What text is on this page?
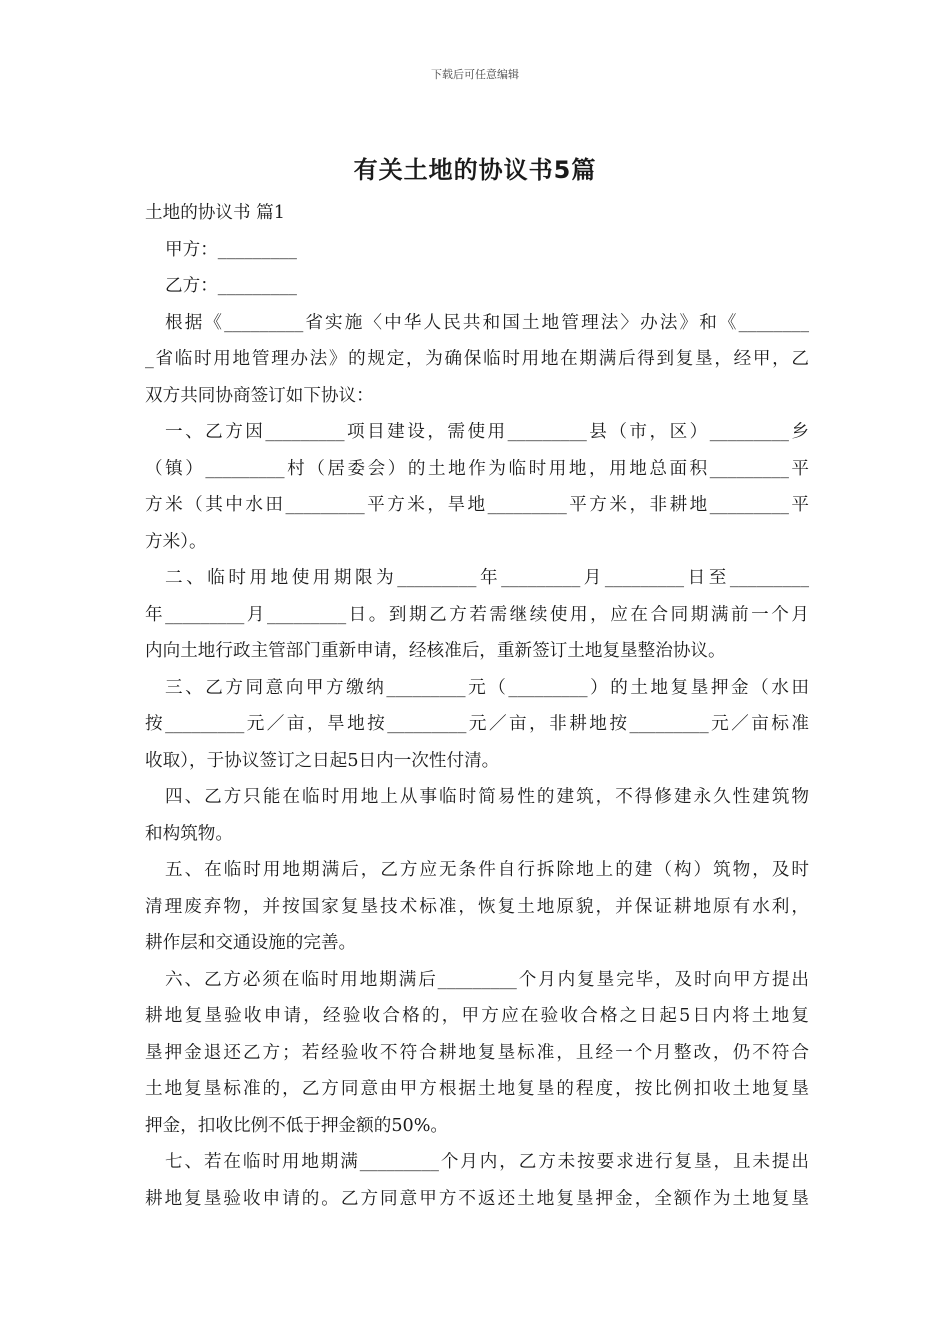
下载后可任意编辑
有关土地的协议书5篇
土地的协议书 篇1
甲方：_________
乙方：_________
根据《_________省实施〈中华人民共和国土地管理法〉办法》和《________
_省临时用地管理办法》的规定，为确保临时用地在期满后得到复垦，经甲，乙
双方共同协商签订如下协议：
一、乙方因_________项目建设，需使用_________县（市，区）_________乡
（镇）_________村（居委会）的土地作为临时用地，用地总面积_________平
方米（其中水田_________平方米，旱地_________平方米，非耕地_________平
方米）。
二、临时用地使用期限为_________年_________月_________日至_________
年_________月_________日。到期乙方若需继续使用，应在合同期满前一个月
内向土地行政主管部门重新申请，经核准后，重新签订土地复垦整治协议。
三、乙方同意向甲方缴纳_________元（_________）的土地复垦押金（水田
按_________元／亩，旱地按_________元／亩，非耕地按_________元／亩标准
收取），于协议签订之日起5日内一次性付清。
四、乙方只能在临时用地上从事临时简易性的建筑，不得修建永久性建筑物
和构筑物。
五、在临时用地期满后，乙方应无条件自行拆除地上的建（构）筑物，及时
清理废弃物，并按国家复垦技术标准，恢复土地原貌，并保证耕地原有水利，
耕作层和交通设施的完善。
六、乙方必须在临时用地期满后_________个月内复垦完毕，及时向甲方提出
耕地复垦验收申请，经验收合格的，甲方应在验收合格之日起5日内将土地复
垦押金退还乙方；若经验收不符合耕地复垦标准，且经一个月整改，仍不符合
土地复垦标准的，乙方同意由甲方根据土地复垦的程度，按比例扣收土地复垦
押金，扣收比例不低于押金额的50%。
七、若在临时用地期满_________个月内，乙方未按要求进行复垦，且未提出
耕地复垦验收申请的。乙方同意甲方不返还土地复垦押金，全额作为土地复垦
